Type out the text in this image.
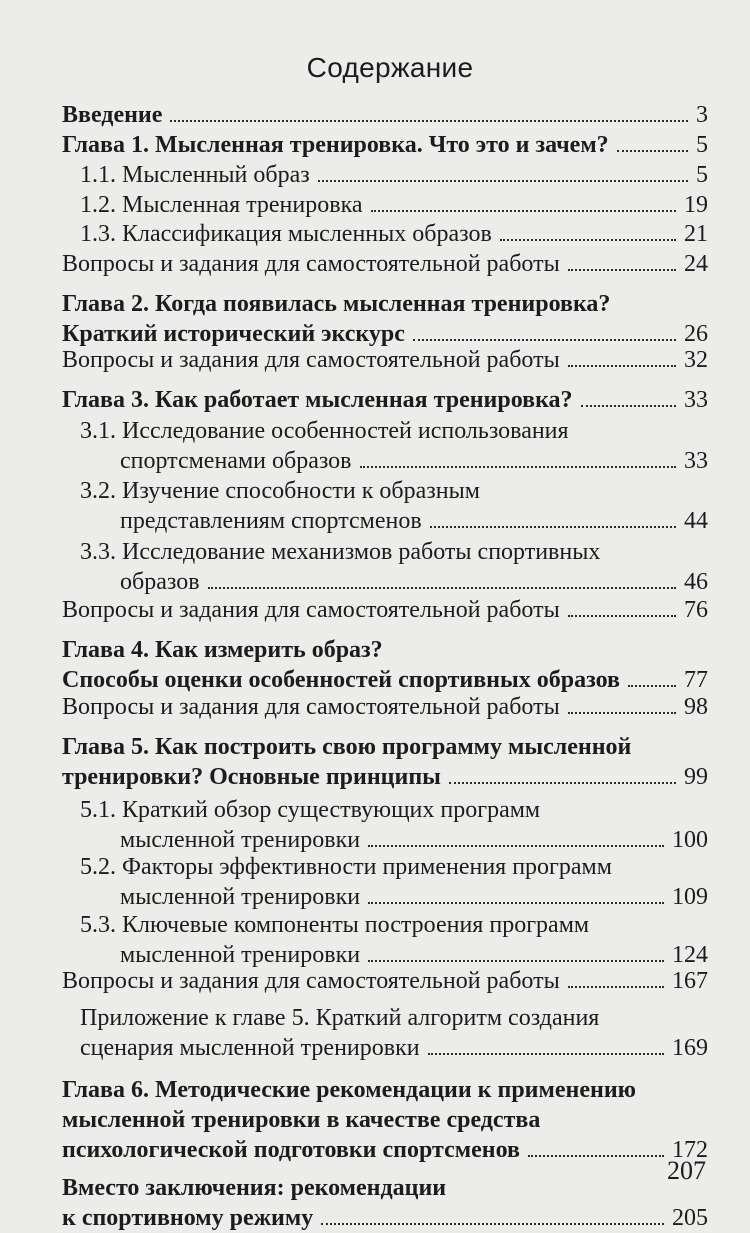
Содержание
Введение	3
Глава 1. Мысленная тренировка. Что это и зачем?	5
1.1. Мысленный образ	5
1.2. Мысленная тренировка	19
1.3. Классификация мысленных образов	21
Вопросы и задания для самостоятельной работы	24
Глава 2. Когда появилась мысленная тренировка?
Краткий исторический экскурс	26
Вопросы и задания для самостоятельной работы	32
Глава 3. Как работает мысленная тренировка?	33
3.1. Исследование особенностей использования
спортсменами образов	33
3.2. Изучение способности к образным
представлениям спортсменов	44
3.3. Исследование механизмов работы спортивных
образов	46
Вопросы и задания для самостоятельной работы	76
Глава 4. Как измерить образ?
Способы оценки особенностей спортивных образов	77
Вопросы и задания для самостоятельной работы	98
Глава 5. Как построить свою программу мысленной
тренировки? Основные принципы	99
5.1. Краткий обзор существующих программ
мысленной тренировки	100
5.2. Факторы эффективности применения программ
мысленной тренировки	109
5.3. Ключевые компоненты построения программ
мысленной тренировки	124
Вопросы и задания для самостоятельной работы	167
Приложение к главе 5. Краткий алгоритм создания
сценария мысленной тренировки	169
Глава 6. Методические рекомендации к применению
мысленной тренировки в качестве средства
психологической подготовки спортсменов	172
Вместо заключения: рекомендации
к спортивному режиму	205
207
